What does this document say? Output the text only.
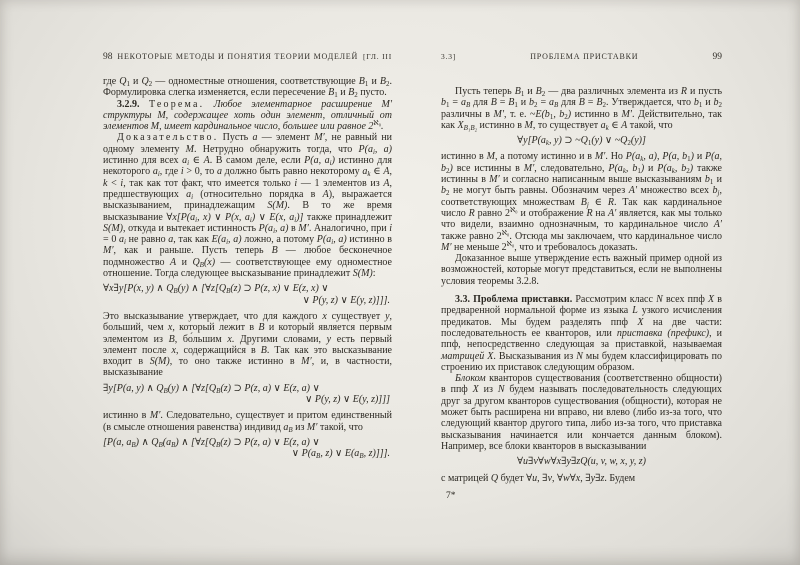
98 НЕКОТОРЫЕ МЕТОДЫ И ПОНЯТИЯ ТЕОРИИ МОДЕЛЕЙ [ГЛ. III
где $Q_1$ и $Q_2$ — одноместные отношения, соответствующие $B_1$ и $B_2$. Формулировка слегка изменяется, если пересечение $B_1$ и $B_2$ пусто.
3.2.9. Теорема. Любое элементарное расширение M′ структуры M, содержащее хоть один элемент, отличный от элементов M, имеет кардинальное число, большее или равное $2^{ℵ_0}$.
Доказательство. Пусть a — элемент M′, не равный ни одному элементу M. Нетрудно обнаружить тогда, что $P(a_i$, a) истинно для всех $a_i$ ∈ A. В самом деле, если P(a, $a_i$) истинно для некоторого $a_i$, где i > 0, то a должно быть равно некоторому $a_k$ ∈ A, k < i, так как тот факт, что имеется только i — 1 элементов из A, предшествующих $a_i$ (относительно порядка в A), выражается высказыванием, принадлежащим S(M). В то же время высказывание $\forall x[P(a_i$, x) ∨ P(x, $a_i$) ∨ E(x, $a_i$)] также принадлежит S(M), откуда и вытекает истинность $P(a_i$, a) в M′. Аналогично, при i = 0 $a_i$ не равно a, так как $E(a_i$, a) ложно, а потому $P(a_i$, a) истинно в M′, как и раньше. Пусть теперь B — любое бесконечное подмножество A и $Q_B(x)$ — соответствующее ему одноместное отношение. Тогда следующее высказывание принадлежит S(M):
∀x∃y[P(x, y) ∧ $Q_B(y)$ ∧ [$\forall z[Q_B(z)$ ⊃ P(z, x) ∨ E(z, x) ∨
∨ P(y, z) ∨ E(y, z)]]].
Это высказывание утверждает, что для каждого x существует y, больший, чем x, который лежит в B и который является первым элементом из B, бо́льшим x. Другими словами, y есть первый элемент после x, содержащийся в B. Так как это высказывание входит в S(M), то оно также истинно в M′, и, в частности, высказывание
∃y[P(a, y) ∧ $Q_B(y)$ ∧ [$\forall z[Q_B(z)$ ⊃ P(z, a) ∨ E(z, a) ∨
∨ P(y, z) ∨ E(y, z)]]]
истинно в M′. Следовательно, существует и притом единственный (в смысле отношения равенства) индивид $a_B$ из M′ такой, что
[P(a, $a_B$) ∧ $Q_B(a_B)$ ∧ [$\forall z[Q_B(z)$ ⊃ P(z, a) ∨ E(z, a) ∨
∨ $P(a_B$, z) ∨ $E(a_B$, z)]]].
3.3]	ПРОБЛЕМА ПРИСТАВКИ	99
Пусть теперь $B_1$ и $B_2$ — два различных элемента из R и пусть $b_1 = a_B$ для $B = B_1$ и $b_2 = a_B$ для $B = B_2$. Утверждается, что $b_1$ и $b_2$ различны в M′, т. е. $\sim E(b_1$, $b_2$) истинно в M′. Действительно, так как $X_{B_1B_2}$ истинно в M, то существует $a_k$ ∈ A такой, что
$\forall y[P(a_k$, y) ⊃ $\sim Q_1(y)$ ∨ $\sim Q_2(y)$]
истинно в M, а потому истинно и в M′. Но $P(a_k$, a), P(a, $b_1$) и P(a, $b_2$) все истинны в M′, следовательно, $P(a_k$, $b_1$) и $P(a_k$, $b_2$) также истинны в M′ и согласно написанным выше высказываниям $b_1$ и $b_2$ не могут быть равны. Обозначим через A′ множество всех $b_j$, соответствующих множествам $B_j$ ∈ R. Так как кардинальное число R равно $2^{ℵ_0}$ и отображение R на A′ является, как мы только что видели, взаимно однозначным, то кардинальное число A′ также равно $2^{ℵ_0}$. Отсюда мы заключаем, что кардинальное число M′ не меньше $2^{ℵ_0}$, что и требовалось доказать.
Доказанное выше утверждение есть важный пример одной из возможностей, которые могут представиться, если не выполнены условия теоремы 3.2.8.
3.3. Проблема приставки. Рассмотрим класс N всех ппф X в предваренной нормальной форме из языка L узкого исчисления предикатов. Мы будем разделять ппф X на две части: последовательность ее кванторов, или приставка (префикс), и ппф, непосредственно следующая за приставкой, называемая матрицей X. Высказывания из N мы будем классифицировать по строению их приставок следующим образом.
Блоком кванторов существования (соответственно общности) в ппф X из N будем называть последовательность следующих друг за другом кванторов существования (общности), которая не может быть расширена ни вправо, ни влево (либо из-за того, что следующий квантор другого типа, либо из-за того, что приставка высказывания начинается или кончается данным блоком). Например, все блоки кванторов в высказывании
∀u∃v∀w∀x∃y∃zQ(u, v, w, x, y, z)
с матрицей Q будет ∀u, ∃v, ∀w∀x, ∃y∃z. Будем
7*
